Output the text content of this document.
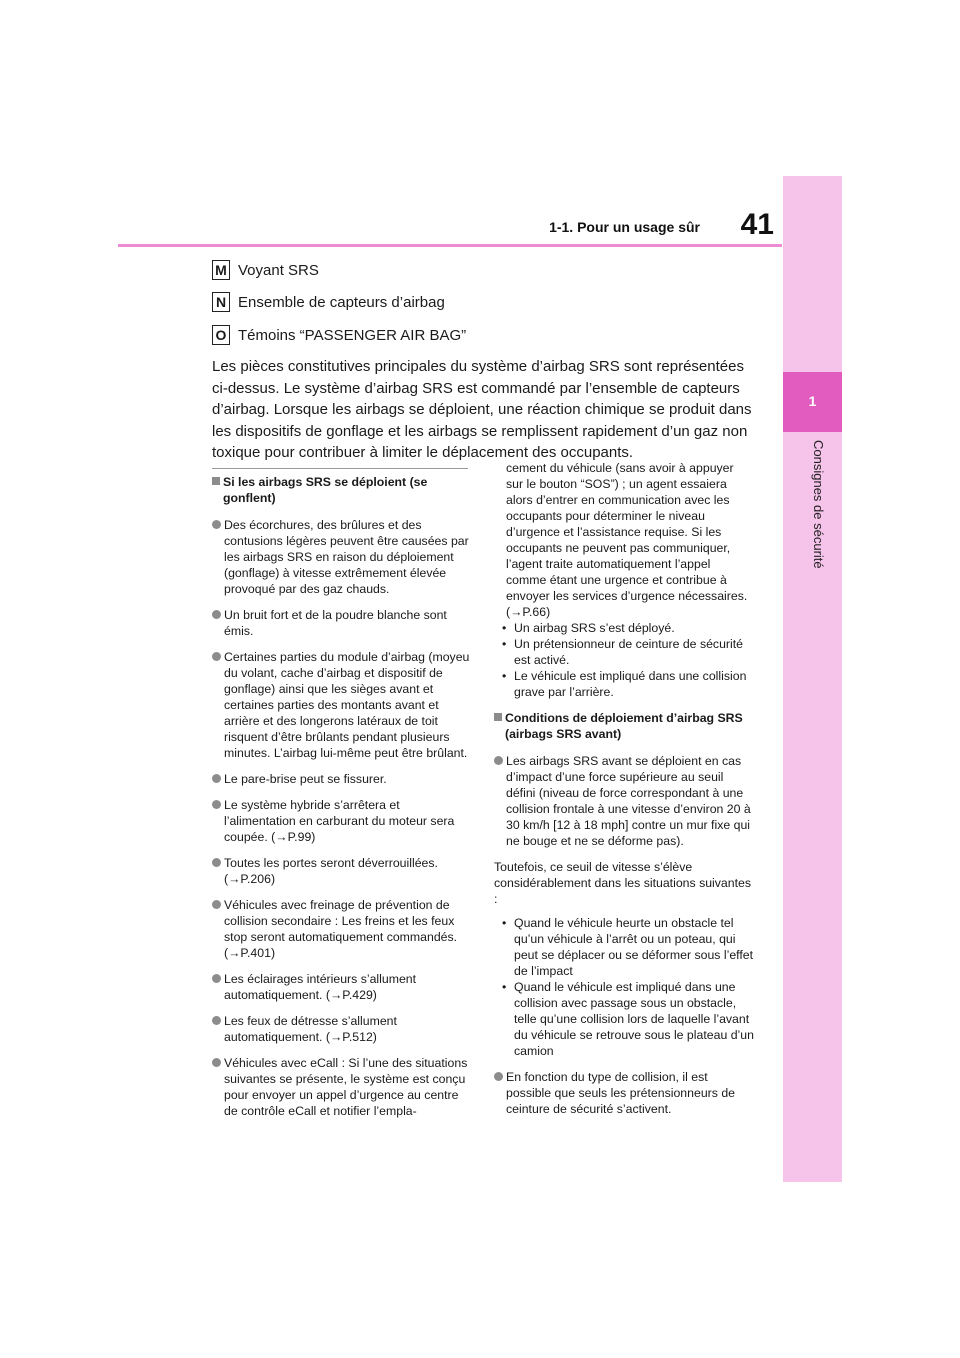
1-1. Pour un usage sûr	41
1
Consignes de sécurité
M Voyant SRS
N Ensemble de capteurs d’airbag
O Témoins “PASSENGER AIR BAG”

Les pièces constitutives principales du système d’airbag SRS sont représentées ci-dessus. Le système d’airbag SRS est commandé par l’ensemble de capteurs d’airbag. Lorsque les airbags se déploient, une réaction chimique se produit dans les dispositifs de gonflage et les airbags se remplissent rapidement d’un gaz non toxique pour contribuer à limiter le déplacement des occupants.

Si les airbags SRS se déploient (se gonflent)
Des écorchures, des brûlures et des contusions légères peuvent être causées par les airbags SRS en raison du déploiement (gonflage) à vitesse extrêmement élevée provoqué par des gaz chauds.
Un bruit fort et de la poudre blanche sont émis.
Certaines parties du module d’airbag (moyeu du volant, cache d’airbag et dispositif de gonflage) ainsi que les sièges avant et certaines parties des montants avant et arrière et des longerons latéraux de toit risquent d’être brûlants pendant plusieurs minutes. L’airbag lui-même peut être brûlant.
Le pare-brise peut se fissurer.
Le système hybride s’arrêtera et l’alimentation en carburant du moteur sera coupée. (→P.99)
Toutes les portes seront déverrouillées. (→P.206)
Véhicules avec freinage de prévention de collision secondaire : Les freins et les feux stop seront automatiquement commandés. (→P.401)
Les éclairages intérieurs s’allument automatiquement. (→P.429)
Les feux de détresse s’allument automatiquement. (→P.512)
Véhicules avec eCall : Si l’une des situations suivantes se présente, le système est conçu pour envoyer un appel d’urgence au centre de contrôle eCall et notifier l’empla-
cement du véhicule (sans avoir à appuyer sur le bouton “SOS”) ; un agent essaiera alors d’entrer en communication avec les occupants pour déterminer le niveau d’urgence et l’assistance requise. Si les occupants ne peuvent pas communiquer, l’agent traite automatiquement l’appel comme étant une urgence et contribue à envoyer les services d’urgence nécessaires. (→P.66)
• Un airbag SRS s’est déployé.
• Un prétensionneur de ceinture de sécurité est activé.
• Le véhicule est impliqué dans une collision grave par l’arrière.
Conditions de déploiement d’airbag SRS (airbags SRS avant)
Les airbags SRS avant se déploient en cas d’impact d’une force supérieure au seuil défini (niveau de force correspondant à une collision frontale à une vitesse d’environ 20 à 30 km/h [12 à 18 mph] contre un mur fixe qui ne bouge et ne se déforme pas).
Toutefois, ce seuil de vitesse s’élève considérablement dans les situations suivantes :
• Quand le véhicule heurte un obstacle tel qu’un véhicule à l’arrêt ou un poteau, qui peut se déplacer ou se déformer sous l’effet de l’impact
• Quand le véhicule est impliqué dans une collision avec passage sous un obstacle, telle qu’une collision lors de laquelle l’avant du véhicule se retrouve sous le plateau d’un camion
En fonction du type de collision, il est possible que seuls les prétensionneurs de ceinture de sécurité s’activent.
